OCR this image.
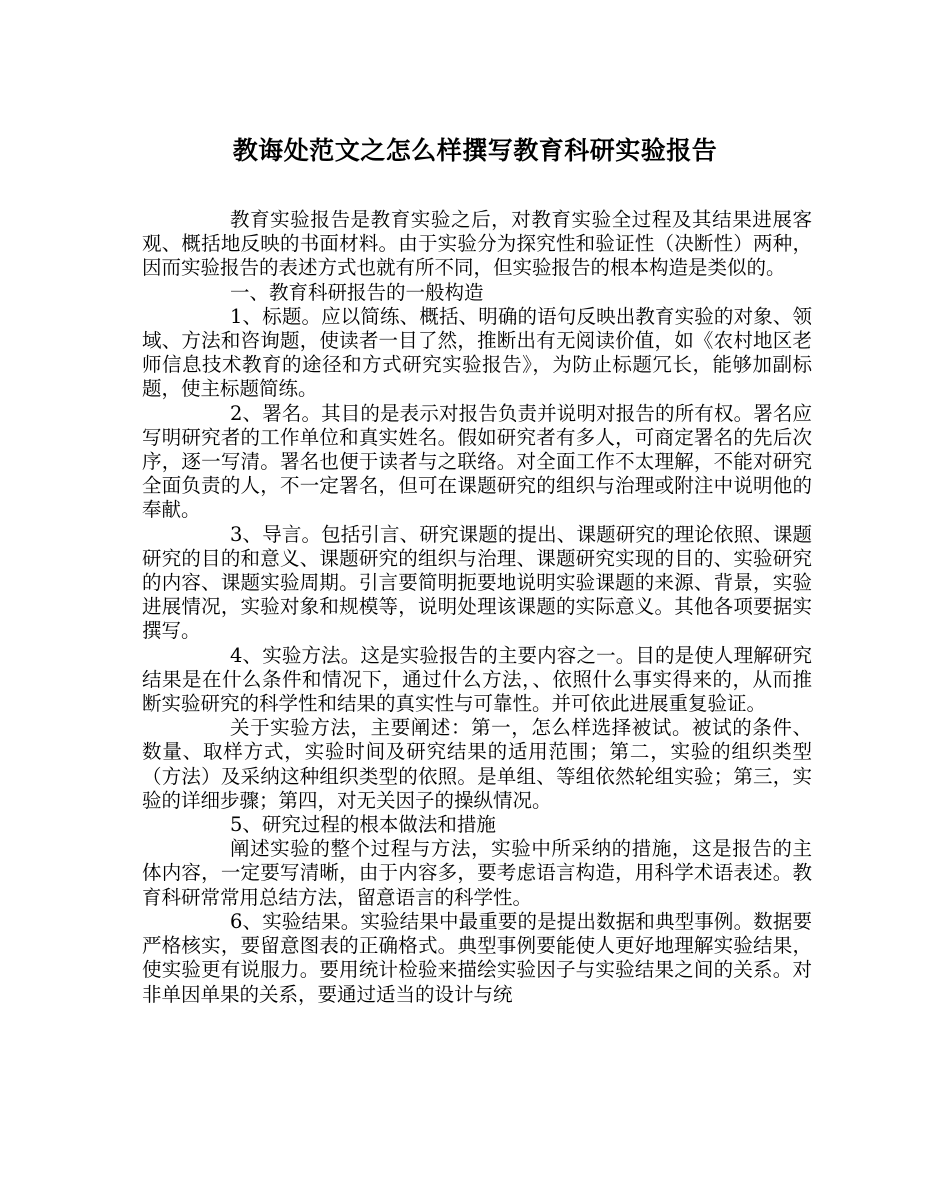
教诲处范文之怎么样撰写教育科研实验报告

教育实验报告是教育实验之后，对教育实验全过程及其结果进展客观、概括地反映的书面材料。由于实验分为探究性和验证性（决断性）两种，因而实验报告的表述方式也就有所不同，但实验报告的根本构造是类似的。

一、教育科研报告的一般构造

1、标题。应以简练、概括、明确的语句反映出教育实验的对象、领域、方法和咨询题，使读者一目了然，推断出有无阅读价值，如《农村地区老师信息技术教育的途径和方式研究实验报告》，为防止标题冗长，能够加副标题，使主标题简练。

2、署名。其目的是表示对报告负责并说明对报告的所有权。署名应写明研究者的工作单位和真实姓名。假如研究者有多人，可商定署名的先后次序，逐一写清。署名也便于读者与之联络。对全面工作不太理解，不能对研究全面负责的人，不一定署名，但可在课题研究的组织与治理或附注中说明他的奉献。

3、导言。包括引言、研究课题的提出、课题研究的理论依照、课题研究的目的和意义、课题研究的组织与治理、课题研究实现的目的、实验研究的内容、课题实验周期。引言要简明扼要地说明实验课题的来源、背景，实验进展情况，实验对象和规模等，说明处理该课题的实际意义。其他各项要据实撰写。

4、实验方法。这是实验报告的主要内容之一。目的是使人理解研究结果是在什么条件和情况下，通过什么方法，、依照什么事实得来的，从而推断实验研究的科学性和结果的真实性与可靠性。并可依此进展重复验证。

关于实验方法，主要阐述：第一，怎么样选择被试。被试的条件、数量、取样方式，实验时间及研究结果的适用范围；第二，实验的组织类型（方法）及采纳这种组织类型的依照。是单组、等组依然轮组实验；第三，实验的详细步骤；第四，对无关因子的操纵情况。

5、研究过程的根本做法和措施

阐述实验的整个过程与方法，实验中所采纳的措施，这是报告的主体内容，一定要写清晰，由于内容多，要考虑语言构造，用科学术语表述。教育科研常常用总结方法，留意语言的科学性。

6、实验结果。实验结果中最重要的是提出数据和典型事例。数据要严格核实，要留意图表的正确格式。典型事例要能使人更好地理解实验结果，使实验更有说服力。要用统计检验来描绘实验因子与实验结果之间的关系。对非单因单果的关系，要通过适当的设计与统
